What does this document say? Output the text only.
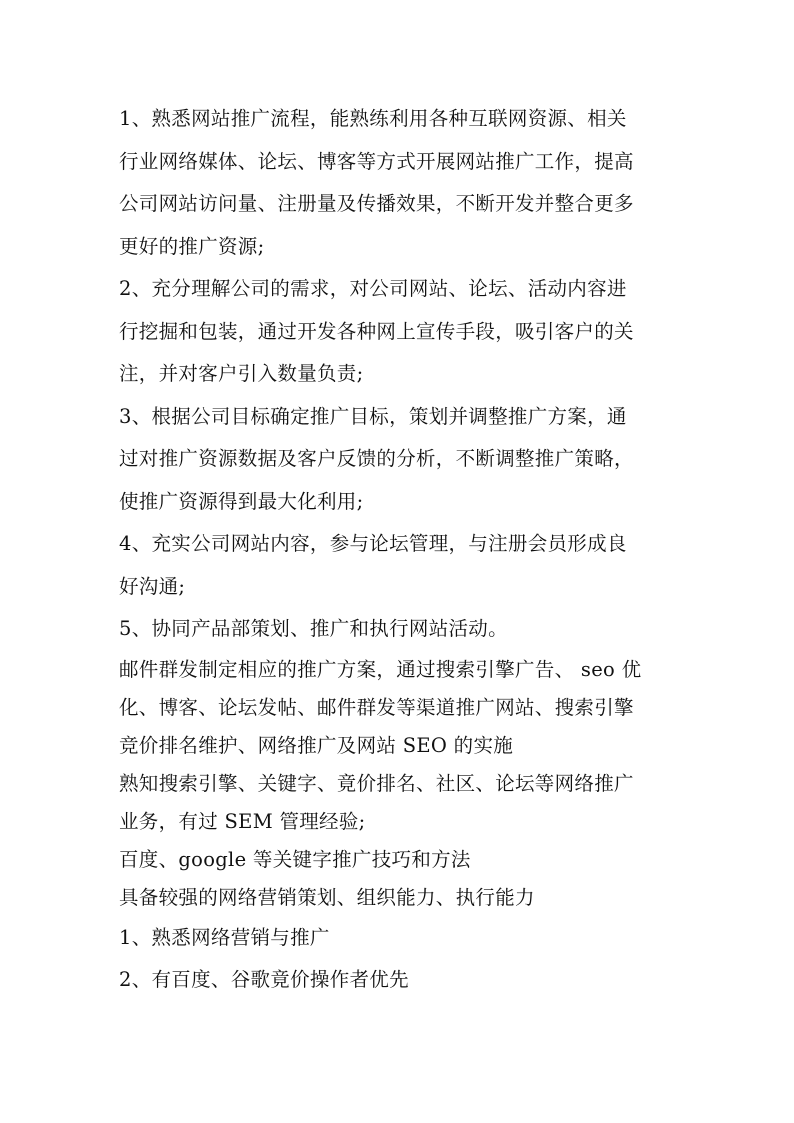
1、熟悉网站推广流程，能熟练利用各种互联网资源、相关
行业网络媒体、论坛、博客等方式开展网站推广工作，提高
公司网站访问量、注册量及传播效果，不断开发并整合更多
更好的推广资源;
2、充分理解公司的需求，对公司网站、论坛、活动内容进
行挖掘和包装，通过开发各种网上宣传手段，吸引客户的关
注，并对客户引入数量负责;
3、根据公司目标确定推广目标，策划并调整推广方案，通
过对推广资源数据及客户反馈的分析，不断调整推广策略，
使推广资源得到最大化利用;
4、充实公司网站内容，参与论坛管理，与注册会员形成良
好沟通;
5、协同产品部策划、推广和执行网站活动。
邮件群发制定相应的推广方案，通过搜索引擎广告、 seo 优
化、博客、论坛发帖、邮件群发等渠道推广网站、搜索引擎
竞价排名维护、网络推广及网站 SEO 的实施
熟知搜索引擎、关键字、竟价排名、社区、论坛等网络推广
业务，有过 SEM 管理经验;
百度、google 等关键字推广技巧和方法
具备较强的网络营销策划、组织能力、执行能力
1、熟悉网络营销与推广
2、有百度、谷歌竟价操作者优先
